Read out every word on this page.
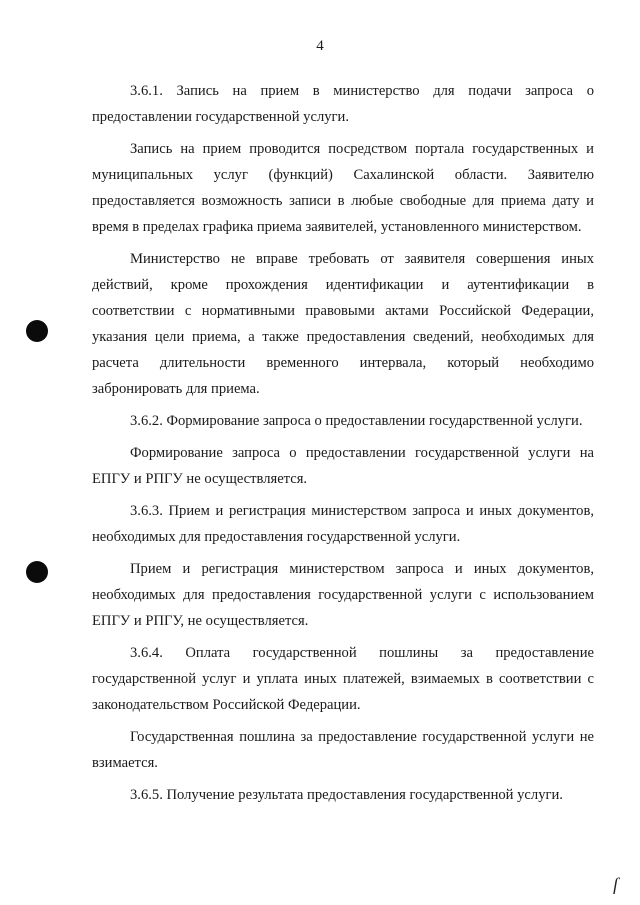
4

3.6.1. Запись на прием в министерство для подачи запроса о предоставлении государственной услуги.

Запись на прием проводится посредством портала государственных и муниципальных услуг (функций) Сахалинской области. Заявителю предоставляется возможность записи в любые свободные для приема дату и время в пределах графика приема заявителей, установленного министерством.

Министерство не вправе требовать от заявителя совершения иных действий, кроме прохождения идентификации и аутентификации в соответствии с нормативными правовыми актами Российской Федерации, указания цели приема, а также предоставления сведений, необходимых для расчета длительности временного интервала, который необходимо забронировать для приема.

3.6.2. Формирование запроса о предоставлении государственной услуги.

Формирование запроса о предоставлении государственной услуги на ЕПГУ и РПГУ не осуществляется.

3.6.3. Прием и регистрация министерством запроса и иных документов, необходимых для предоставления государственной услуги.

Прием и регистрация министерством запроса и иных документов, необходимых для предоставления государственной услуги с использованием ЕПГУ и РПГУ, не осуществляется.

3.6.4. Оплата государственной пошлины за предоставление государственной услуг и уплата иных платежей, взимаемых в соответствии с законодательством Российской Федерации.

Государственная пошлина за предоставление государственной услуги не взимается.

3.6.5. Получение результата предоставления государственной услуги.

ſ
